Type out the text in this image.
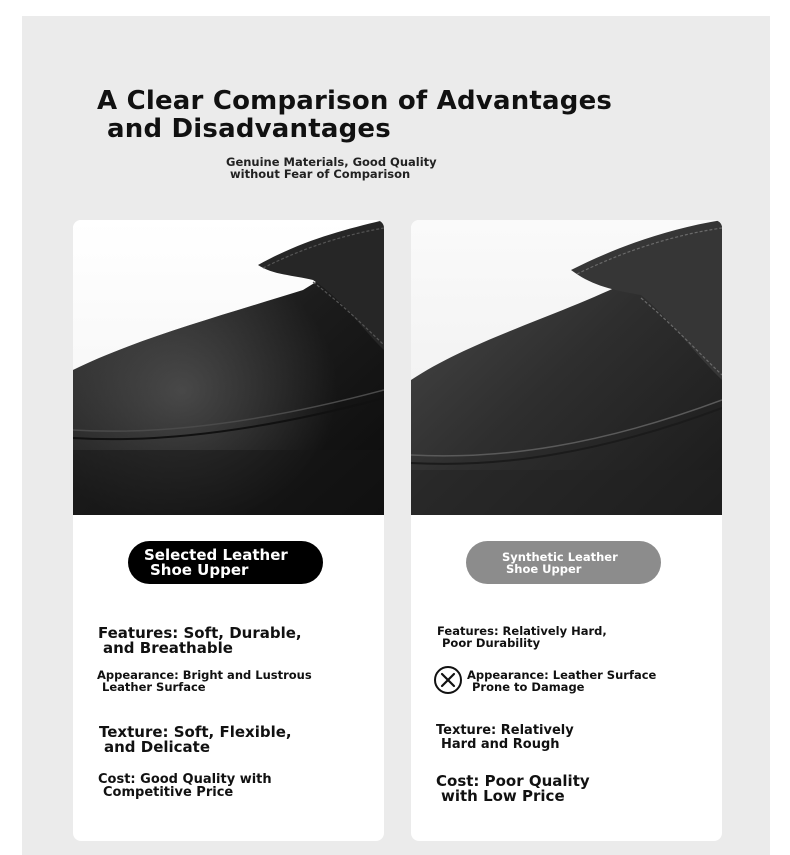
A Clear Comparison of Advantages
and Disadvantages
Genuine Materials, Good Quality
without Fear of Comparison
Selected Leather
Shoe Upper
Features: Soft, Durable,
and Breathable
Appearance: Bright and Lustrous
Leather Surface
Texture: Soft, Flexible,
and Delicate
Cost: Good Quality with
Competitive Price
Synthetic Leather
Shoe Upper
Features: Relatively Hard,
Poor Durability
Appearance: Leather Surface
Prone to Damage
Texture: Relatively
Hard and Rough
Cost: Poor Quality
with Low Price
